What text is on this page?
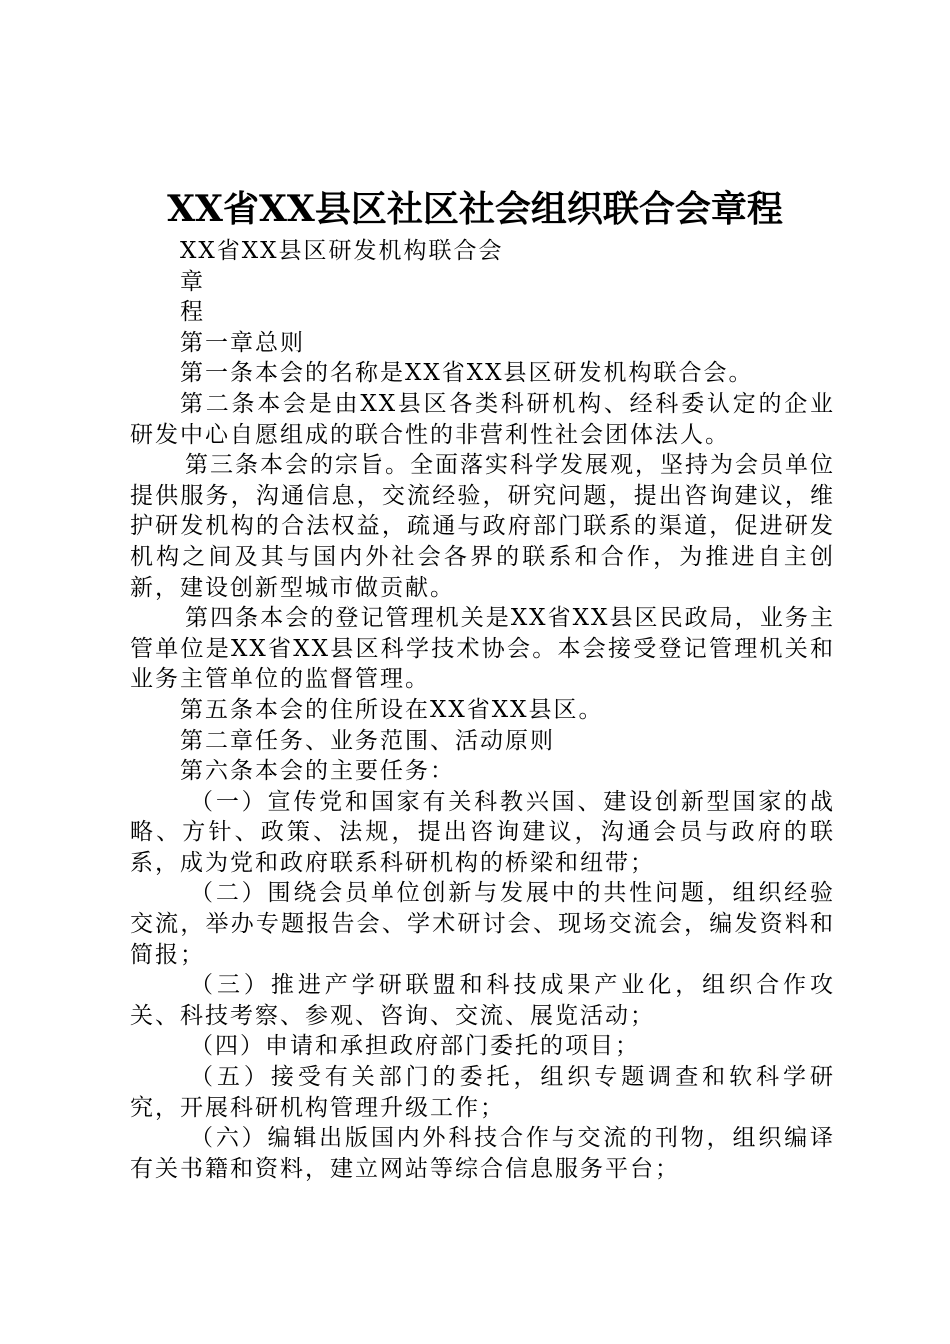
XX省XX县区社区社会组织联合会章程

XX省XX县区研发机构联合会

章

程

第一章总则

第一条本会的名称是XX省XX县区研发机构联合会。

第二条本会是由XX县区各类科研机构、经科委认定的企业研发中心自愿组成的联合性的非营利性社会团体法人。

第三条本会的宗旨。全面落实科学发展观，坚持为会员单位提供服务，沟通信息，交流经验，研究问题，提出咨询建议，维护研发机构的合法权益，疏通与政府部门联系的渠道，促进研发机构之间及其与国内外社会各界的联系和合作，为推进自主创新，建设创新型城市做贡献。

第四条本会的登记管理机关是XX省XX县区民政局，业务主管单位是XX省XX县区科学技术协会。本会接受登记管理机关和业务主管单位的监督管理。

第五条本会的住所设在XX省XX县区。

第二章任务、业务范围、活动原则

第六条本会的主要任务：

（一）宣传党和国家有关科教兴国、建设创新型国家的战略、方针、政策、法规，提出咨询建议，沟通会员与政府的联系，成为党和政府联系科研机构的桥梁和纽带；

（二）围绕会员单位创新与发展中的共性问题，组织经验交流，举办专题报告会、学术研讨会、现场交流会，编发资料和简报；

（三）推进产学研联盟和科技成果产业化，组织合作攻关、科技考察、参观、咨询、交流、展览活动；

（四）申请和承担政府部门委托的项目；

（五）接受有关部门的委托，组织专题调查和软科学研究，开展科研机构管理升级工作；

（六）编辑出版国内外科技合作与交流的刊物，组织编译有关书籍和资料，建立网站等综合信息服务平台；
